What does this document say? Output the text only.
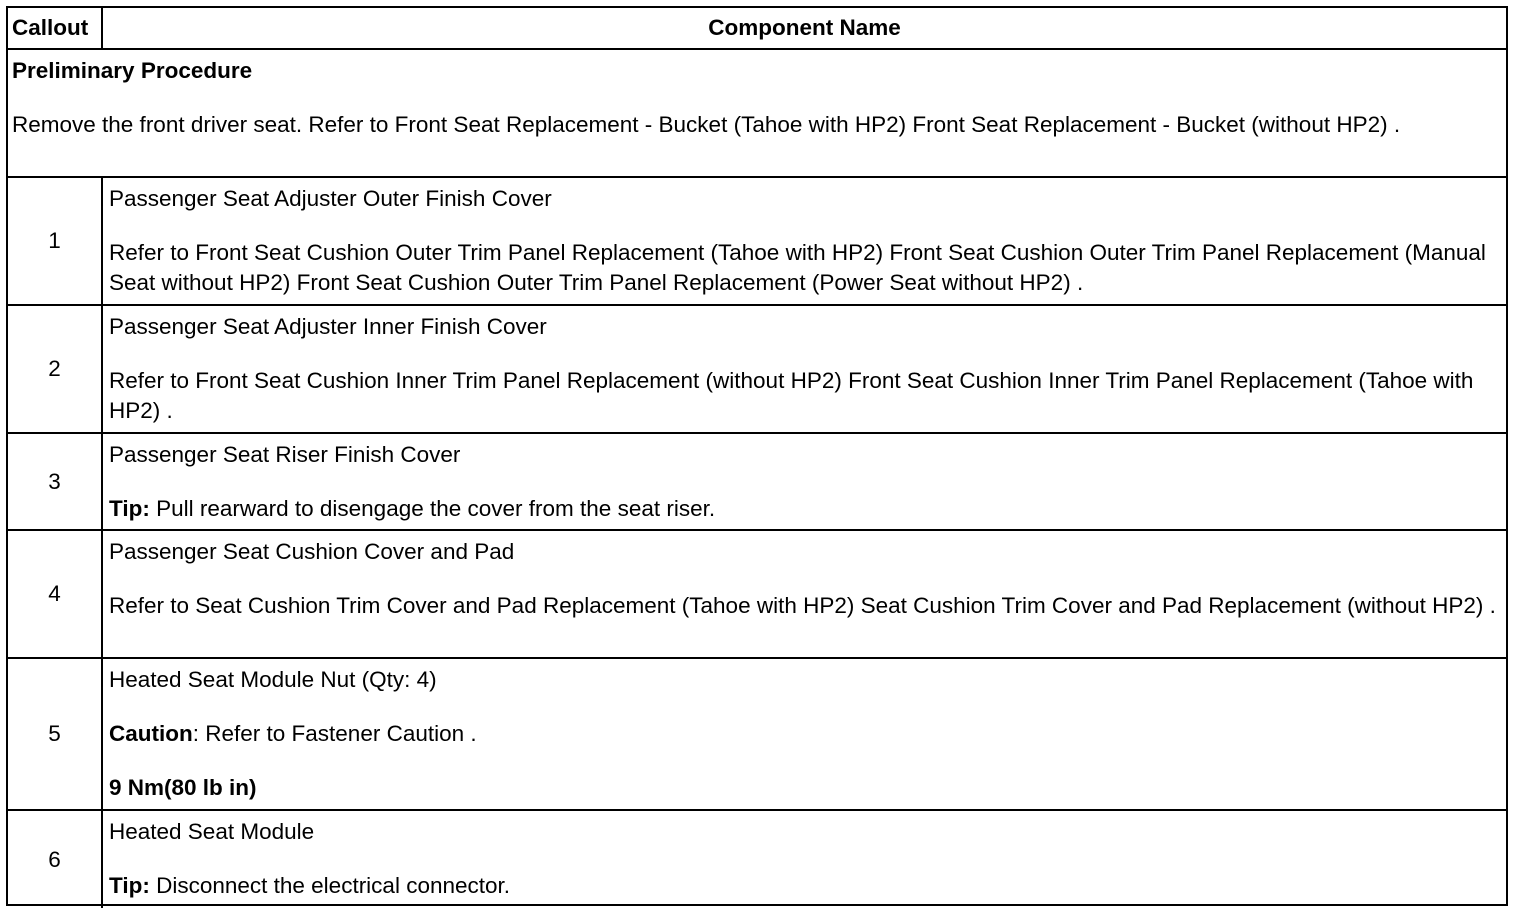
Callout	Component Name

Preliminary Procedure
Remove the front driver seat. Refer to Front Seat Replacement - Bucket (Tahoe with HP2) Front Seat Replacement - Bucket (without HP2) .	

1	Passenger Seat Adjuster Outer Finish Cover
Refer to Front Seat Cushion Outer Trim Panel Replacement (Tahoe with HP2) Front Seat Cushion Outer Trim Panel Replacement (Manual Seat without HP2) Front Seat Cushion Outer Trim Panel Replacement (Power Seat without HP2) .

2	Passenger Seat Adjuster Inner Finish Cover
Refer to Front Seat Cushion Inner Trim Panel Replacement (without HP2) Front Seat Cushion Inner Trim Panel Replacement (Tahoe with HP2) .

3	Passenger Seat Riser Finish Cover
Tip: Pull rearward to disengage the cover from the seat riser.

4	Passenger Seat Cushion Cover and Pad
Refer to Seat Cushion Trim Cover and Pad Replacement (Tahoe with HP2) Seat Cushion Trim Cover and Pad Replacement (without HP2) .

5	Heated Seat Module Nut (Qty: 4)
Caution: Refer to Fastener Caution .
9 Nm(80 lb in)

6	Heated Seat Module
Tip: Disconnect the electrical connector.
